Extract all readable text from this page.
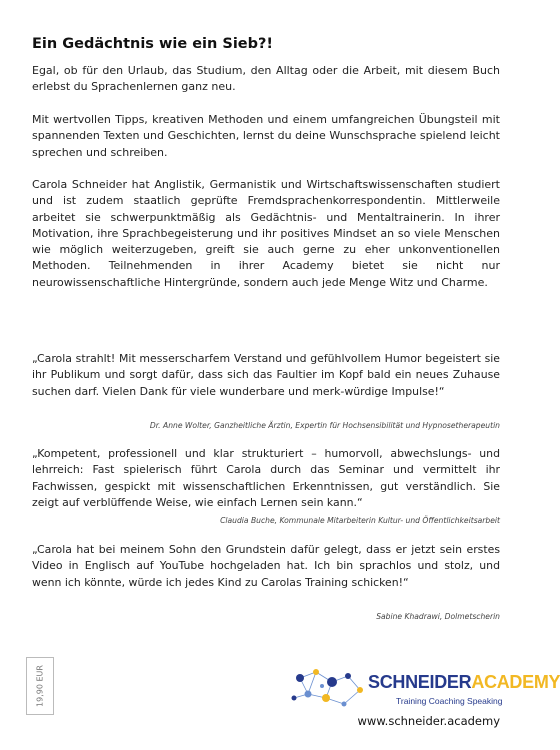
Ein Gedächtnis wie ein Sieb?!

Egal, ob für den Urlaub, das Studium, den Alltag oder die Arbeit, mit diesem Buch erlebst du Sprachenlernen ganz neu.

Mit wertvollen Tipps, kreativen Methoden und einem umfangreichen Übungsteil mit spannenden Texten und Geschichten, lernst du deine Wunschsprache spielend leicht sprechen und schreiben.

Carola Schneider hat Anglistik, Germanistik und Wirtschaftswissenschaften studiert und ist zudem staatlich geprüfte Fremdsprachenkorrespondentin. Mittlerweile arbeitet sie schwerpunktmäßig als Gedächtnis- und Mentaltrainerin. In ihrer Motivation, ihre Sprachbegeisterung und ihr positives Mindset an so viele Menschen wie möglich weiterzugeben, greift sie auch gerne zu eher unkonventionellen Methoden. Teilnehmenden in ihrer Academy bietet sie nicht nur neurowissenschaftliche Hintergründe, sondern auch jede Menge Witz und Charme.

„Carola strahlt! Mit messerscharfem Verstand und gefühlvollem Humor begeistert sie ihr Publikum und sorgt dafür, dass sich das Faultier im Kopf bald ein neues Zuhause suchen darf. Vielen Dank für viele wunderbare und merk-würdige Impulse!“

Dr. Anne Wolter, Ganzheitliche Ärztin, Expertin für Hochsensibilität und Hypnosetherapeutin

„Kompetent, professionell und klar strukturiert – humorvoll, abwechslungs- und lehrreich: Fast spielerisch führt Carola durch das Seminar und vermittelt ihr Fachwissen, gespickt mit wissenschaftlichen Erkenntnissen, gut verständlich. Sie zeigt auf verblüffende Weise, wie einfach Lernen sein kann.“

Claudia Buche, Kommunale Mitarbeiterin Kultur- und Öffentlichkeitsarbeit

„Carola hat bei meinem Sohn den Grundstein dafür gelegt, dass er jetzt sein erstes Video in Englisch auf YouTube hochgeladen hat. Ich bin sprachlos und stolz, und wenn ich könnte, würde ich jedes Kind zu Carolas Training schicken!“

Sabine Khadrawi, Dolmetscherin

19,90 EUR	SCHNEIDERACADEMY
Training Coaching Speaking

www.schneider.academy
